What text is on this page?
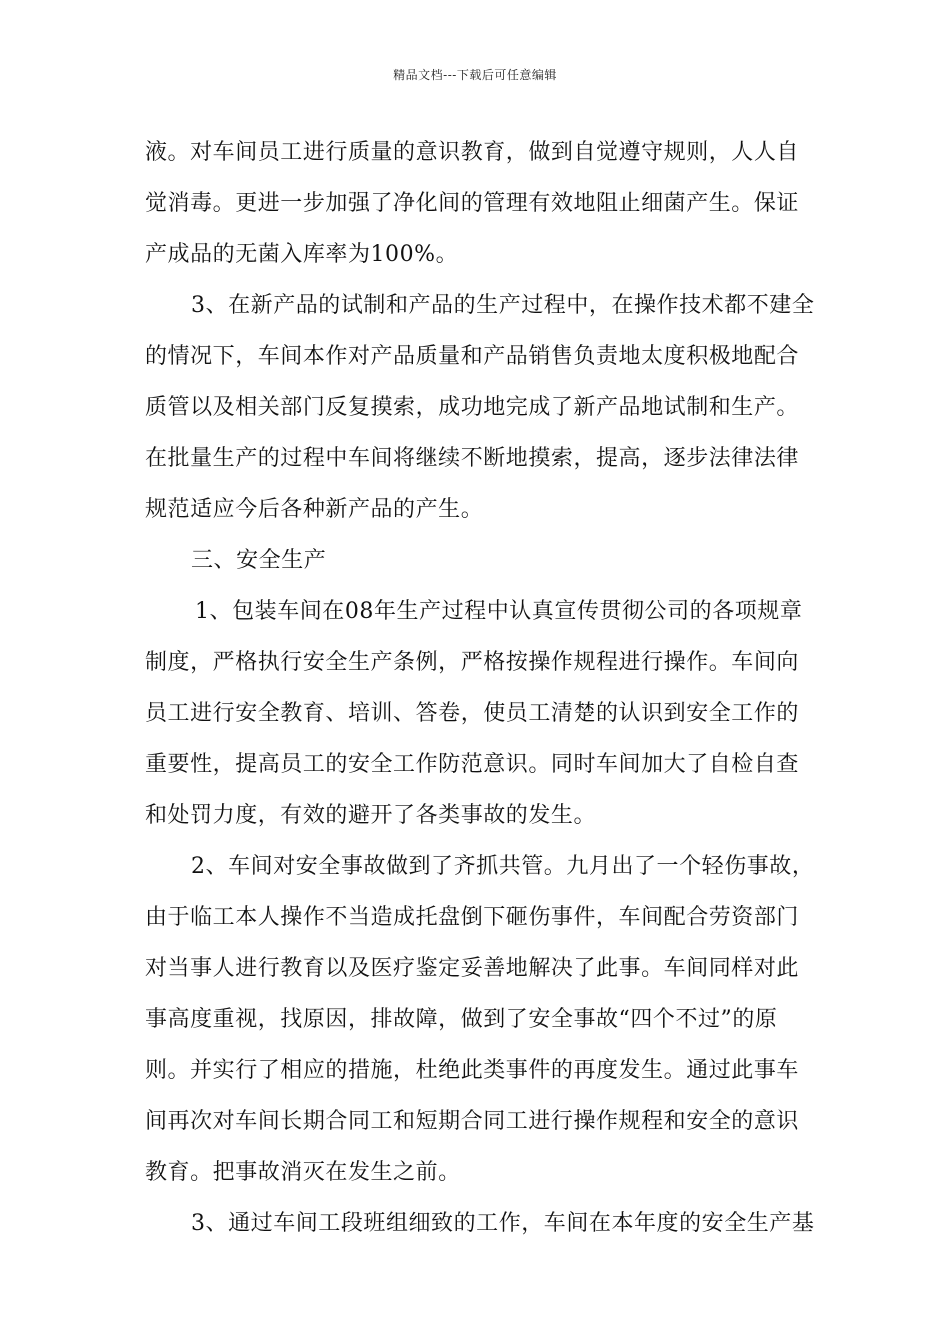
精品文档---下载后可任意编辑
液。对车间员工进行质量的意识教育，做到自觉遵守规则，人人自
觉消毒。更进一步加强了净化间的管理有效地阻止细菌产生。保证
产成品的无菌入库率为100%。
3、在新产品的试制和产品的生产过程中，在操作技术都不建全
的情况下，车间本作对产品质量和产品销售负责地太度积极地配合
质管以及相关部门反复摸索，成功地完成了新产品地试制和生产。
在批量生产的过程中车间将继续不断地摸索，提高，逐步法律法律
规范适应今后各种新产品的产生。
三、安全生产
1、包装车间在08年生产过程中认真宣传贯彻公司的各项规章
制度，严格执行安全生产条例，严格按操作规程进行操作。车间向
员工进行安全教育、培训、答卷，使员工清楚的认识到安全工作的
重要性，提高员工的安全工作防范意识。同时车间加大了自检自查
和处罚力度，有效的避开了各类事故的发生。
2、车间对安全事故做到了齐抓共管。九月出了一个轻伤事故，
由于临工本人操作不当造成托盘倒下砸伤事件，车间配合劳资部门
对当事人进行教育以及医疗鉴定妥善地解决了此事。车间同样对此
事高度重视，找原因，排故障，做到了安全事故“四个不过”的原
则。并实行了相应的措施，杜绝此类事件的再度发生。通过此事车
间再次对车间长期合同工和短期合同工进行操作规程和安全的意识
教育。把事故消灭在发生之前。
3、通过车间工段班组细致的工作，车间在本年度的安全生产基
